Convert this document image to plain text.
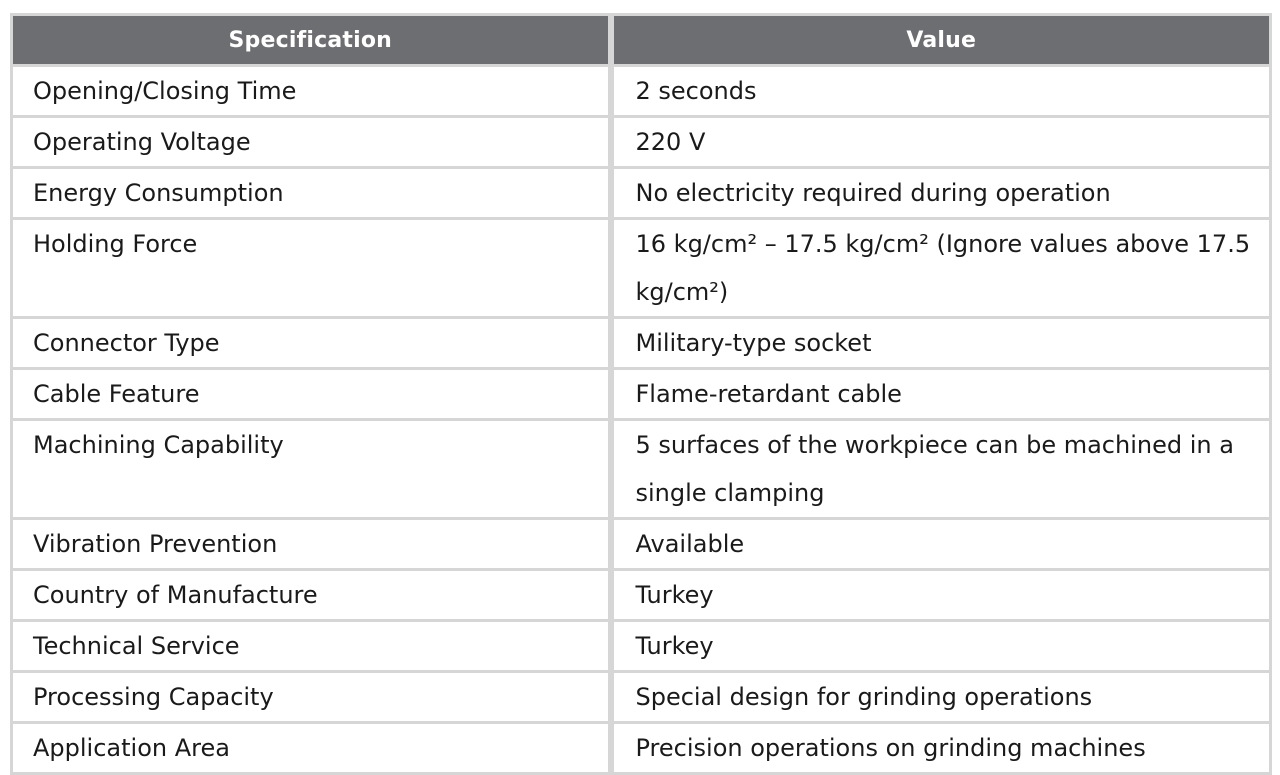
Specification	Value
Opening/Closing Time	2 seconds
Operating Voltage	220 V
Energy Consumption	No electricity required during operation
Holding Force	16 kg/cm² – 17.5 kg/cm² (Ignore values above 17.5 kg/cm²)
Connector Type	Military-type socket
Cable Feature	Flame-retardant cable
Machining Capability	5 surfaces of the workpiece can be machined in a single clamping
Vibration Prevention	Available
Country of Manufacture	Turkey
Technical Service	Turkey
Processing Capacity	Special design for grinding operations
Application Area	Precision operations on grinding machines
